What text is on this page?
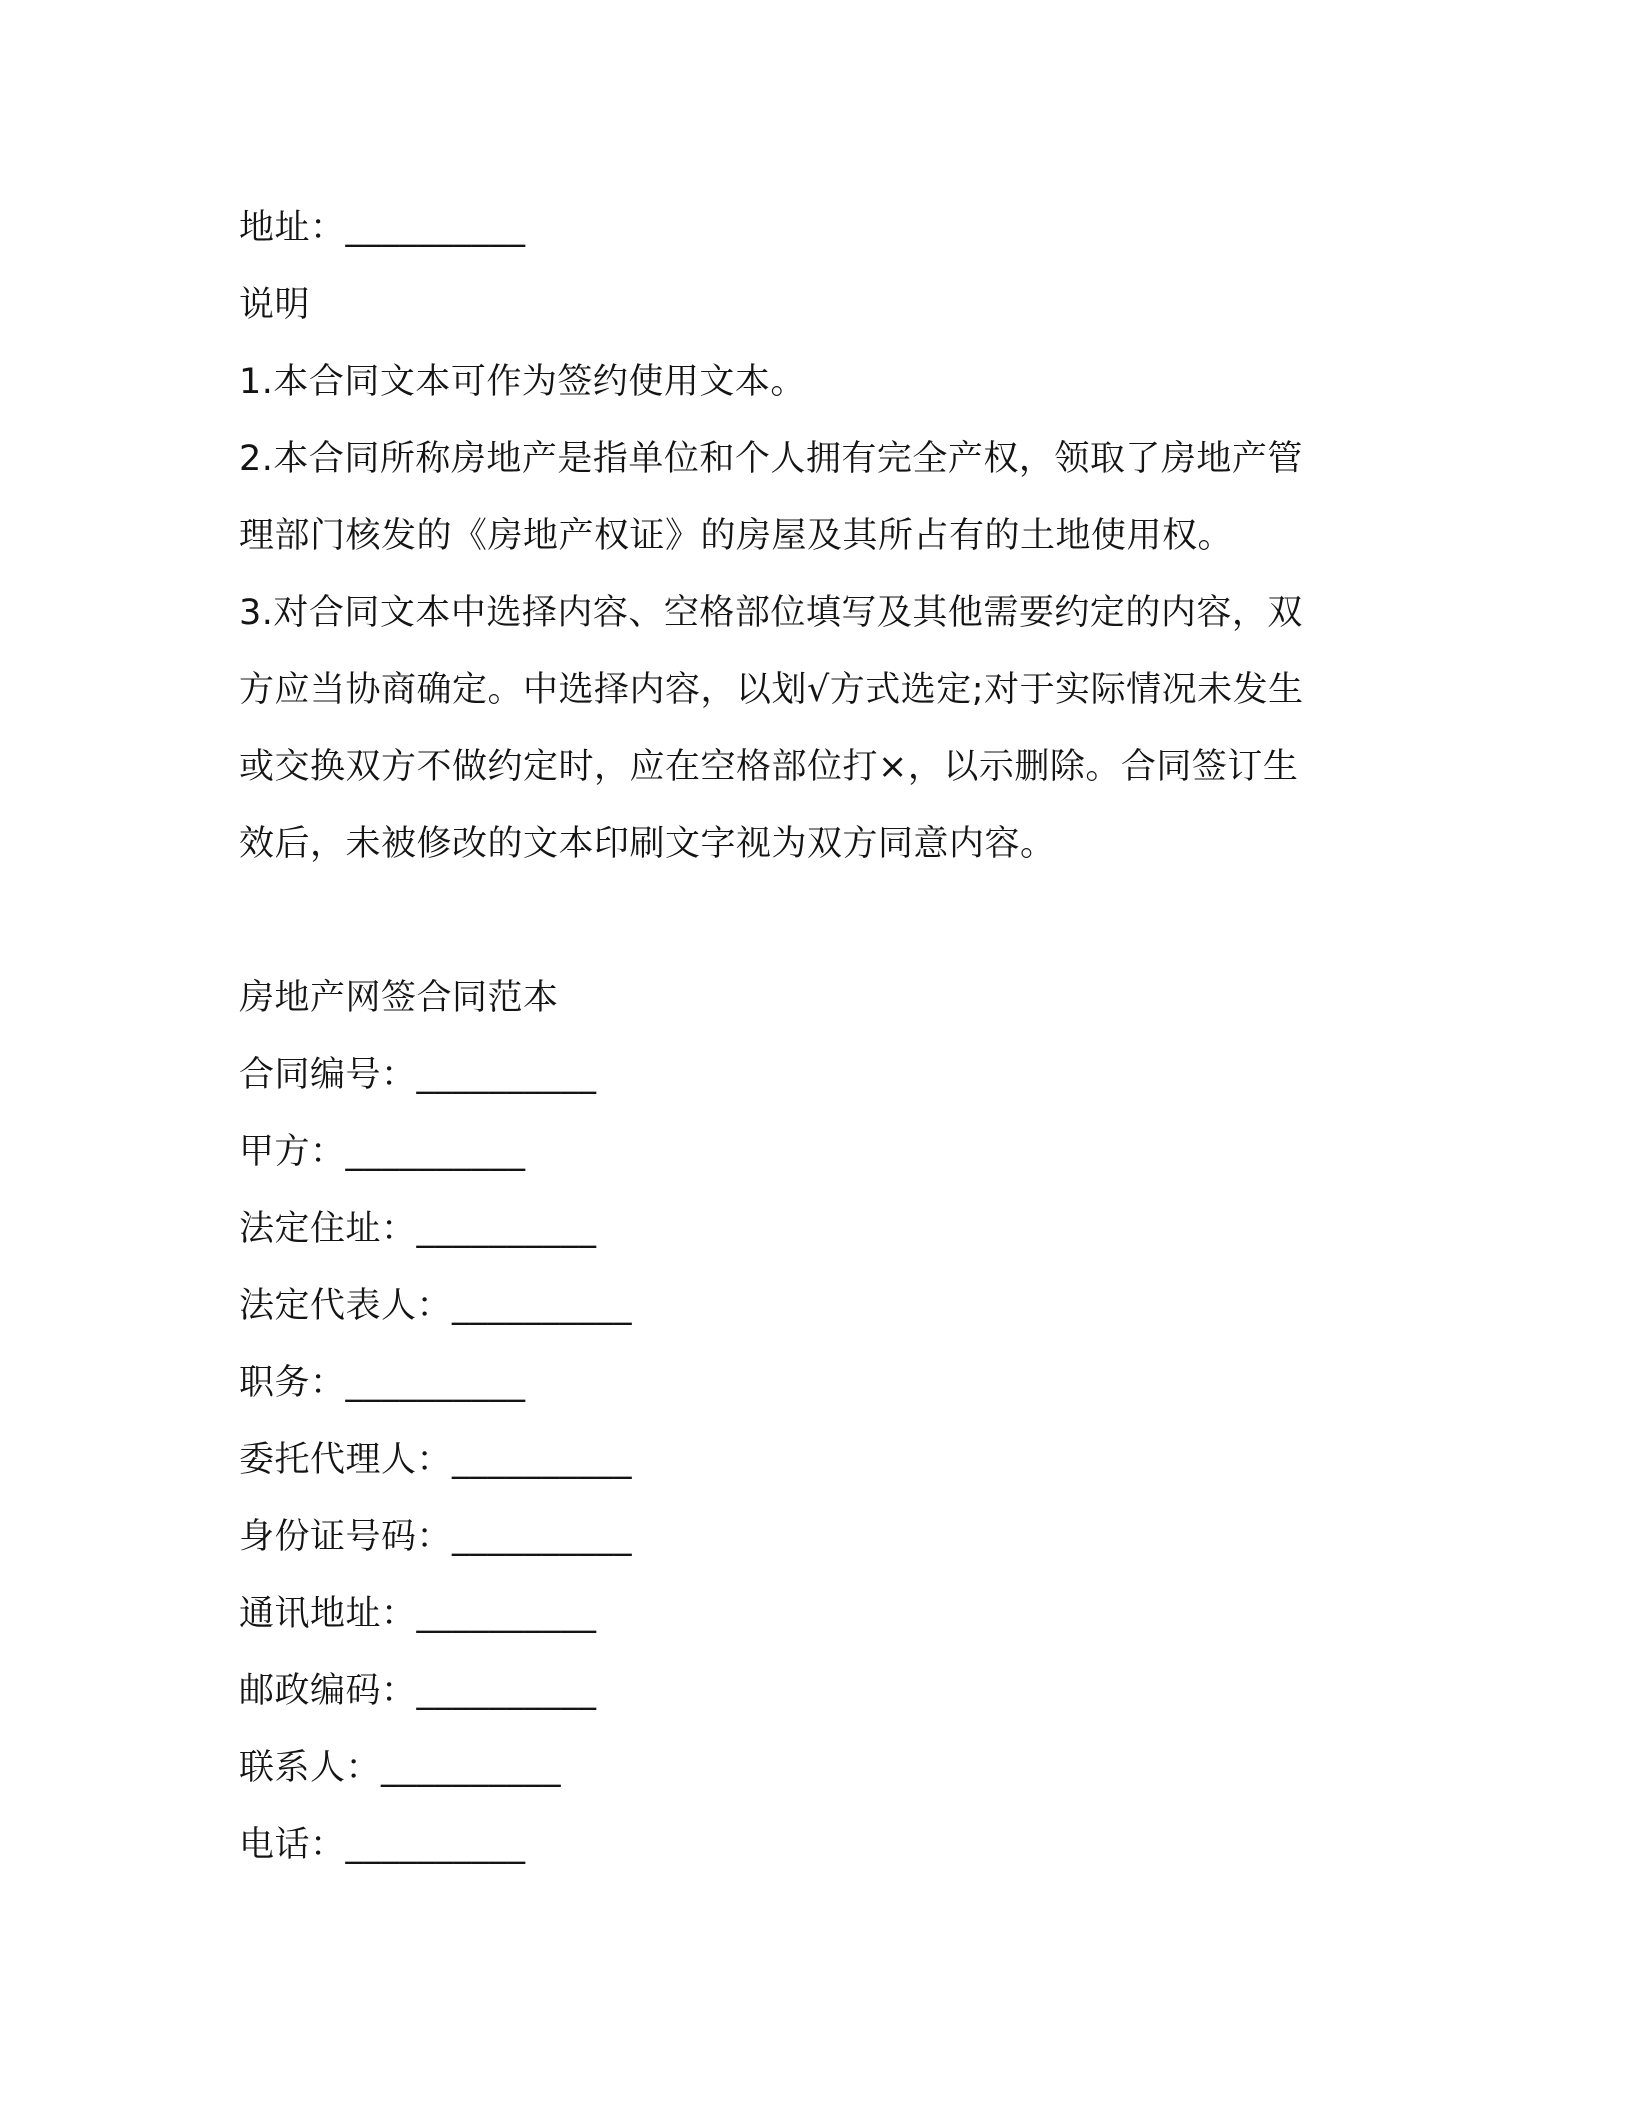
地址：__________
说明
1.本合同文本可作为签约使用文本。
2.本合同所称房地产是指单位和个人拥有完全产权，领取了房地产管
理部门核发的《房地产权证》的房屋及其所占有的土地使用权。
3.对合同文本中选择内容、空格部位填写及其他需要约定的内容，双
方应当协商确定。中选择内容，以划√方式选定;对于实际情况未发生
或交换双方不做约定时，应在空格部位打×，以示删除。合同签订生
效后，未被修改的文本印刷文字视为双方同意内容。
房地产网签合同范本
合同编号：__________
甲方：__________
法定住址：__________
法定代表人：__________
职务：__________
委托代理人：__________
身份证号码：__________
通讯地址：__________
邮政编码：__________
联系人：__________
电话：__________
